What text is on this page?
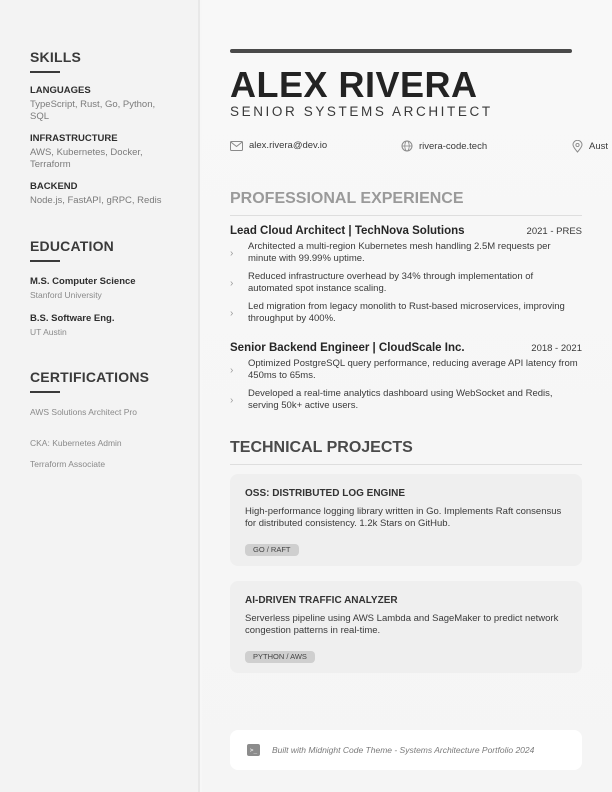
SKILLS
LANGUAGES
TypeScript, Rust, Go, Python, SQL
INFRASTRUCTURE
AWS, Kubernetes, Docker, Terraform
BACKEND
Node.js, FastAPI, gRPC, Redis
EDUCATION
M.S. Computer Science
Stanford University
B.S. Software Eng.
UT Austin
CERTIFICATIONS
AWS Solutions Architect Pro
CKA: Kubernetes Admin
Terraform Associate
ALEX RIVERA
SENIOR SYSTEMS ARCHITECT
alex.rivera@dev.io	rivera-code.tech	Aust
PROFESSIONAL EXPERIENCE
Lead Cloud Architect | TechNova Solutions	2021 - PRES
›
Architected a multi-region Kubernetes mesh handling 2.5M requests per minute with 99.99% uptime.
›
Reduced infrastructure overhead by 34% through implementation of automated spot instance scaling.
›
Led migration from legacy monolith to Rust-based microservices, improving throughput by 400%.
Senior Backend Engineer | CloudScale Inc.	2018 - 2021
›
Optimized PostgreSQL query performance, reducing average API latency from 450ms to 65ms.
›
Developed a real-time analytics dashboard using WebSocket and Redis, serving 50k+ active users.
TECHNICAL PROJECTS
OSS: DISTRIBUTED LOG ENGINE
High-performance logging library written in Go. Implements Raft consensus for distributed consistency. 1.2k Stars on GitHub.
GO / RAFT
AI-DRIVEN TRAFFIC ANALYZER
Serverless pipeline using AWS Lambda and SageMaker to predict network congestion patterns in real-time.
PYTHON / AWS
>_	Built with Midnight Code Theme - Systems Architecture Portfolio 2024
